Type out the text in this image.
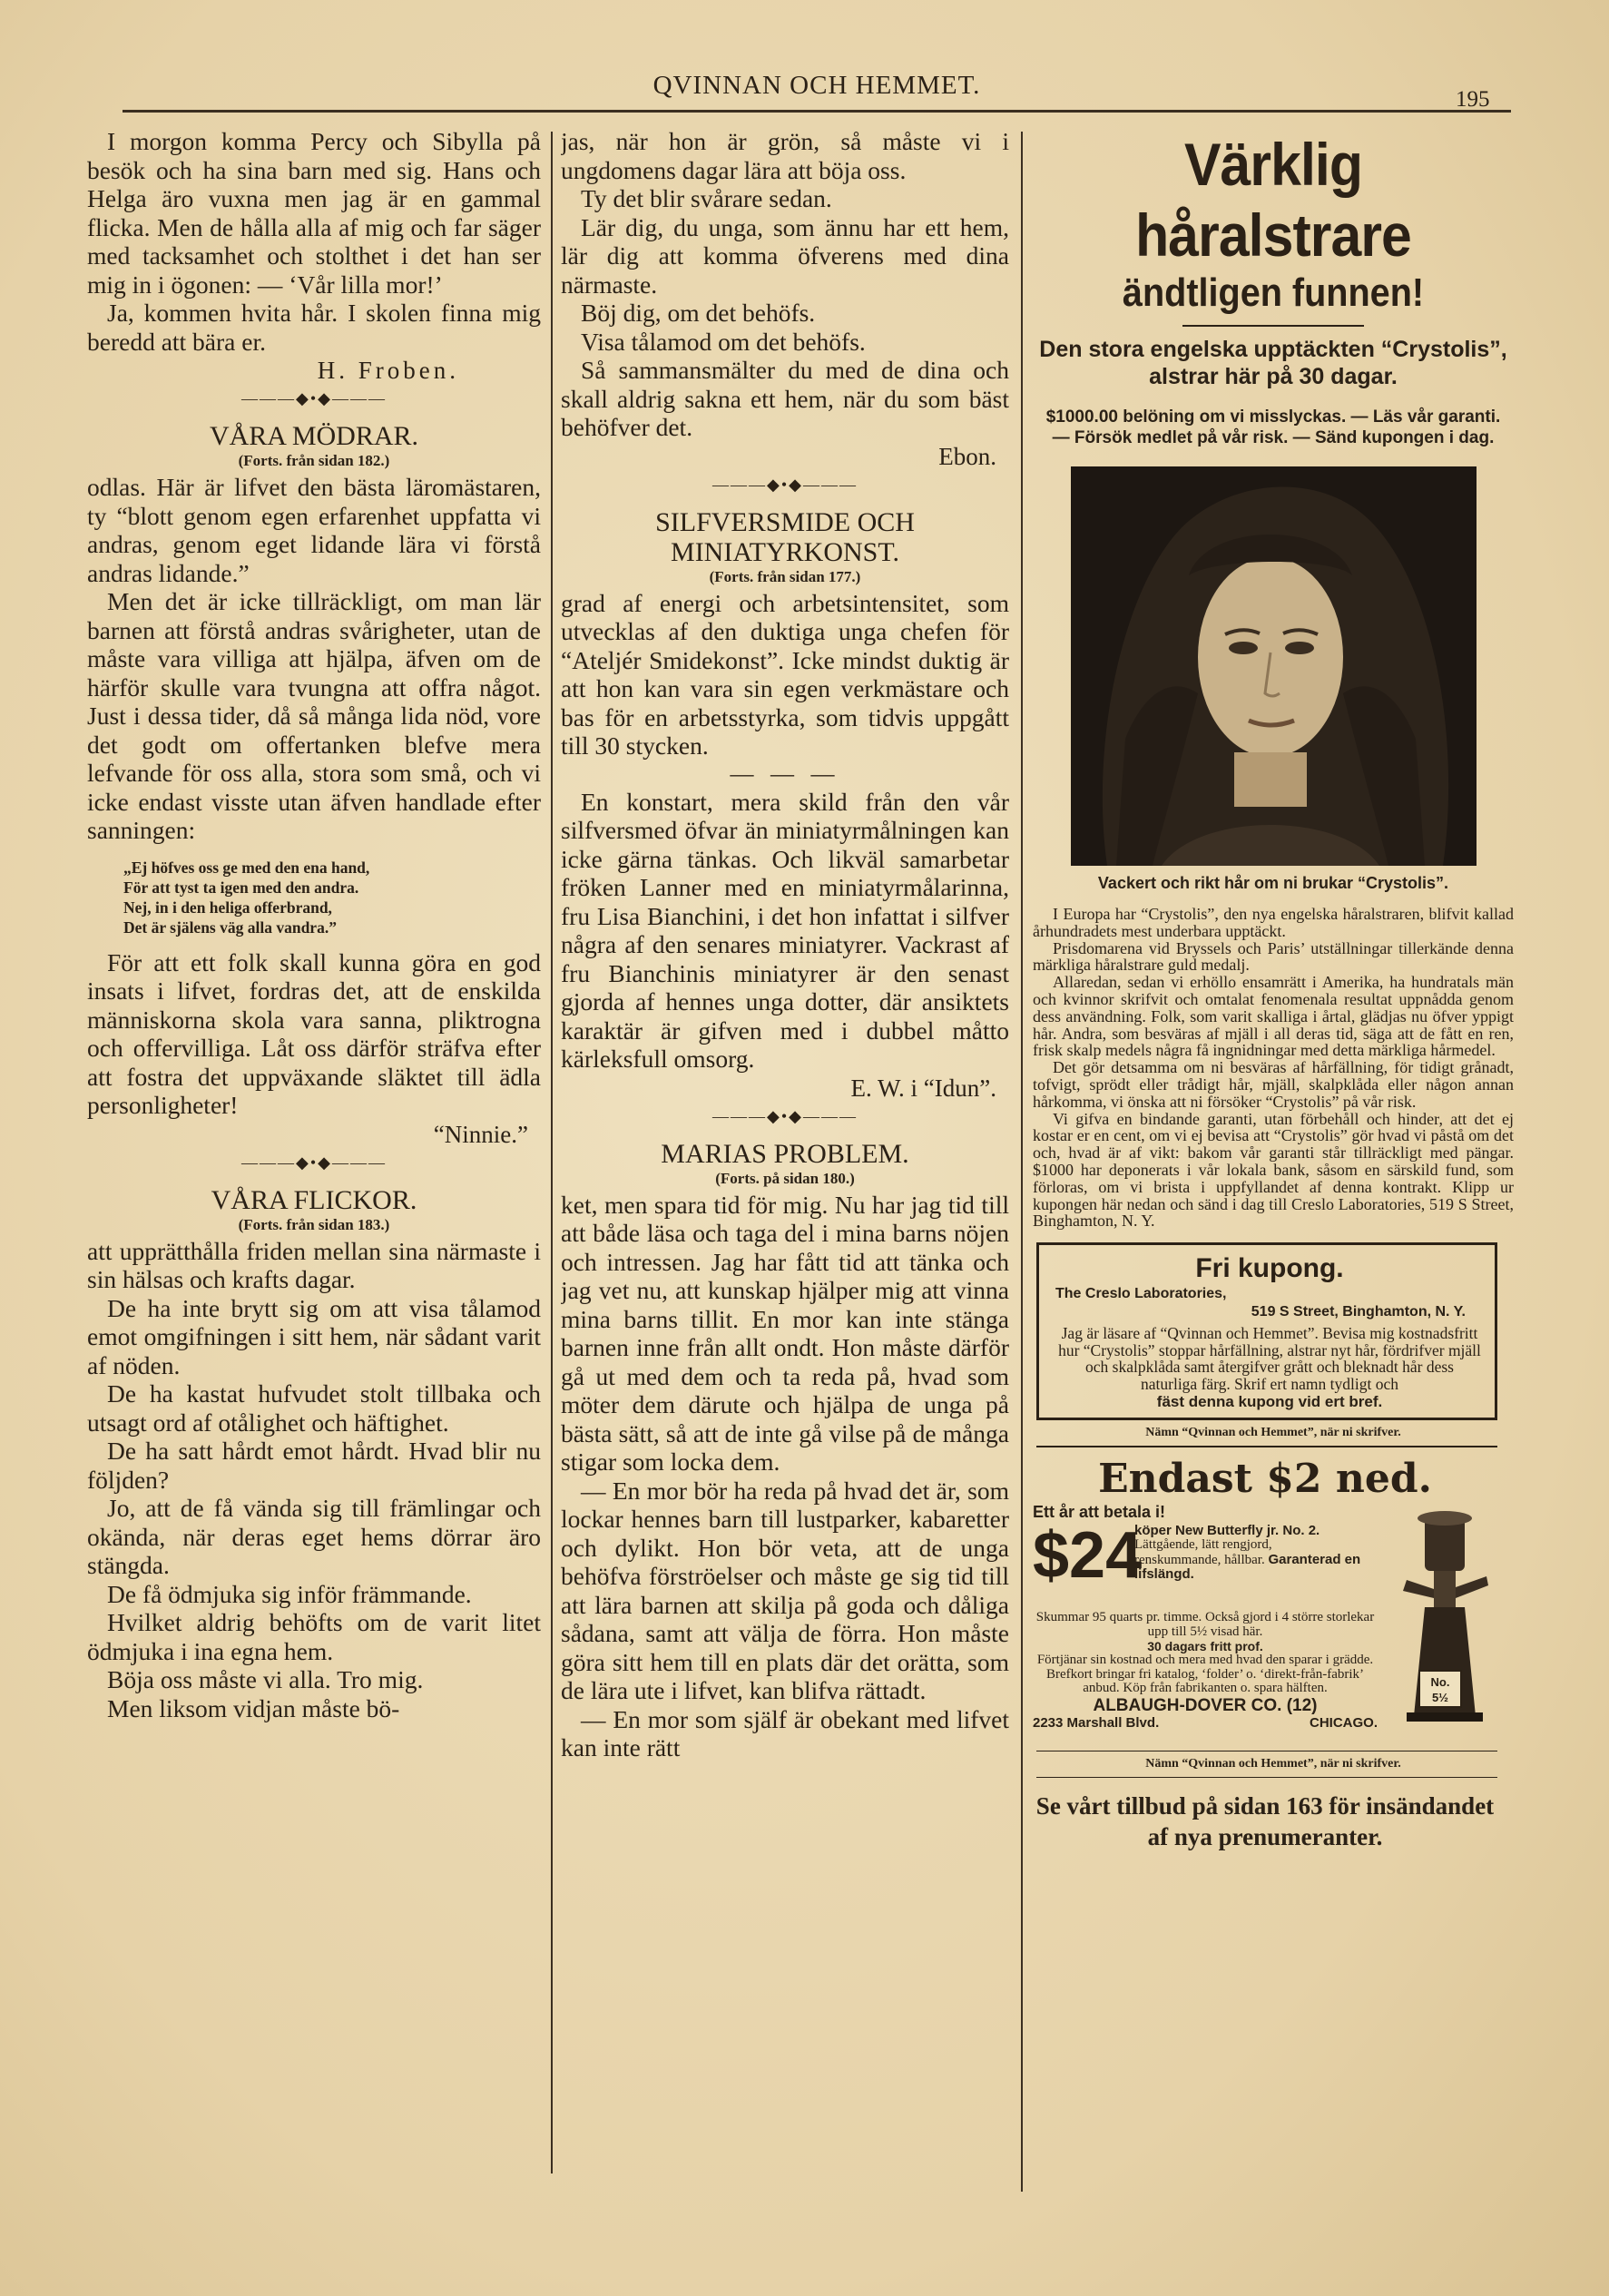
QVINNAN OCH HEMMET.	195

I morgon komma Percy och Sibylla på besök och ha sina barn med sig. Hans och Helga äro vuxna men jag är en gammal flicka. Men de hålla alla af mig och far säger med tacksamhet och stolthet i det han ser mig in i ögonen: — ‘Vår lilla mor!’

Ja, kommen hvita hår. I skolen finna mig beredd att bära er.

H. Froben.
———◆•◆———
VÅRA MÖDRAR.
(Forts. från sidan 182.)

odlas. Här är lifvet den bästa läromästaren, ty “blott genom egen erfarenhet uppfatta vi andras, genom eget lidande lära vi förstå andras lidande.”

Men det är icke tillräckligt, om man lär barnen att förstå andras svårigheter, utan de måste vara villiga att hjälpa, äfven om de härför skulle vara tvungna att offra något. Just i dessa tider, då så många lida nöd, vore det godt om offertanken blefve mera lefvande för oss alla, stora som små, och vi icke endast visste utan äfven handlade efter sanningen:

„Ej höfves oss ge med den ena hand,
För att tyst ta igen med den andra.
Nej, in i den heliga offerbrand,
Det är själens väg alla vandra.”

För att ett folk skall kunna göra en god insats i lifvet, fordras det, att de enskilda människorna skola vara sanna, pliktrogna och offervilliga. Låt oss därför sträfva efter att fostra det uppväxande släktet till ädla personligheter!

“Ninnie.”
———◆•◆———
VÅRA FLICKOR.
(Forts. från sidan 183.)

att upprätthålla friden mellan sina närmaste i sin hälsas och krafts dagar.

De ha inte brytt sig om att visa tålamod emot omgifningen i sitt hem, när sådant varit af nöden.

De ha kastat hufvudet stolt tillbaka och utsagt ord af otålighet och häftighet.

De ha satt hårdt emot hårdt. Hvad blir nu följden?

Jo, att de få vända sig till främlingar och okända, när deras eget hems dörrar äro stängda.

De få ödmjuka sig inför främmande.

Hvilket aldrig behöfts om de varit litet ödmjuka i ina egna hem.

Böja oss måste vi alla. Tro mig.

Men liksom vidjan måste bö-

jas, när hon är grön, så måste vi i ungdomens dagar lära att böja oss.

Ty det blir svårare sedan.

Lär dig, du unga, som ännu har ett hem, lär dig att komma öfverens med dina närmaste.

Böj dig, om det behöfs.

Visa tålamod om det behöfs.

Så sammansmälter du med de dina och skall aldrig sakna ett hem, när du som bäst behöfver det.

Ebon.
———◆•◆———
SILFVERSMIDE OCH MINIATYRKONST.
(Forts. från sidan 177.)

grad af energi och arbetsintensitet, som utvecklas af den duktiga unga chefen för “Ateljér Smidekonst”. Icke mindst duktig är att hon kan vara sin egen verkmästare och bas för en arbetsstyrka, som tidvis uppgått till 30 stycken.

— — —

En konstart, mera skild från den vår silfversmed öfvar än miniatyrmålningen kan icke gärna tänkas. Och likväl samarbetar fröken Lanner med en miniatyrmålarinna, fru Lisa Bianchini, i det hon infattat i silfver några af den senares miniatyrer. Vackrast af fru Bianchinis miniatyrer är den senast gjorda af hennes unga dotter, där ansiktets karaktär är gifven med i dubbel måtto kärleksfull omsorg.

E. W. i “Idun”.
———◆•◆———
MARIAS PROBLEM.
(Forts. på sidan 180.)

ket, men spara tid för mig. Nu har jag tid till att både läsa och taga del i mina barns nöjen och intressen. Jag har fått tid att tänka och jag vet nu, att kunskap hjälper mig att vinna mina barns tillit. En mor kan inte stänga barnen inne från allt ondt. Hon måste därför gå ut med dem och ta reda på, hvad som möter dem därute och hjälpa de unga på bästa sätt, så att de inte gå vilse på de många stigar som locka dem.

— En mor bör ha reda på hvad det är, som lockar hennes barn till lustparker, kabaretter och dylikt. Hon bör veta, att de unga behöfva förströelser och måste ge sig tid till att lära barnen att skilja på goda och dåliga sådana, samt att välja de förra. Hon måste göra sitt hem till en plats där det orätta, som de lära ute i lifvet, kan blifva rättadt.

— En mor som själf är obekant med lifvet kan inte rätt

Värklig håralstrare
ändtligen funnen!
Den stora engelska upptäckten “Crystolis”, alstrar här på 30 dagar.
$1000.00 belöning om vi misslyckas. — Läs vår garanti. — Försök medlet på vår risk. — Sänd kupongen i dag.
Vackert och rikt hår om ni brukar “Crystolis”.

I Europa har “Crystolis”, den nya engelska håralstraren, blifvit kallad århundradets mest underbara upptäckt.

Prisdomarena vid Bryssels och Paris’ utställningar tillerkände denna märkliga håralstrare guld medalj.

Allaredan, sedan vi erhöllo ensamrätt i Amerika, ha hundratals män och kvinnor skrifvit och omtalat fenomenala resultat uppnådda genom dess användning. Folk, som varit skalliga i årtal, glädjas nu öfver yppigt hår. Andra, som besväras af mjäll i all deras tid, säga att de fått en ren, frisk skalp medels några få ingnidningar med detta märkliga hårmedel.

Det gör detsamma om ni besväras af hårfällning, för tidigt grånadt, tofvigt, sprödt eller trådigt hår, mjäll, skalpklåda eller någon annan hårkomma, vi önska att ni försöker “Crystolis” på vår risk.

Vi gifva en bindande garanti, utan förbehåll och hinder, att det ej kostar er en cent, om vi ej bevisa att “Crystolis” gör hvad vi påstå om det och, hvad är af vikt: bakom vår garanti står tillräckligt med pängar. $1000 har deponerats i vår lokala bank, såsom en särskild fund, som förloras, om vi brista i uppfyllandet af denna kontrakt. Klipp ur kupongen här nedan och sänd i dag till Creslo Laboratories, 519 S Street, Binghamton, N. Y.

Fri kupong.
The Creslo Laboratories,
519 S Street, Binghamton, N. Y.
Jag är läsare af “Qvinnan och Hemmet”. Bevisa mig kostnadsfritt hur “Crystolis” stoppar hårfällning, alstrar nyt hår, fördrifver mjäll och skalpklåda samt återgifver grått och bleknadt hår dess naturliga färg. Skrif ert namn tydligt och
fäst denna kupong vid ert bref.
Nämn “Qvinnan och Hemmet”, när ni skrifver.
Endast $2 ned.
Ett år att betala i!
$24
köper New Butterfly jr. No. 2. Lättgående, lätt rengjord, renskummande, hållbar. Garanterad en lifslängd.
Skummar 95 quarts pr. timme. Också gjord i 4 större storlekar upp till 5½ visad här.
30 dagars fritt prof.
Förtjänar sin kostnad och mera med hvad den sparar i grädde. Brefkort bringar fri katalog, ‘folder’ o. ‘direkt-från-fabrik’ anbud. Köp från fabrikanten o. spara hälften.
ALBAUGH-DOVER CO. (12)
2233 Marshall Blvd.	CHICAGO.
No.
5½
Nämn “Qvinnan och Hemmet”, när ni skrifver.
Se vårt tillbud på sidan 163 för insändandet af nya prenumeranter.
